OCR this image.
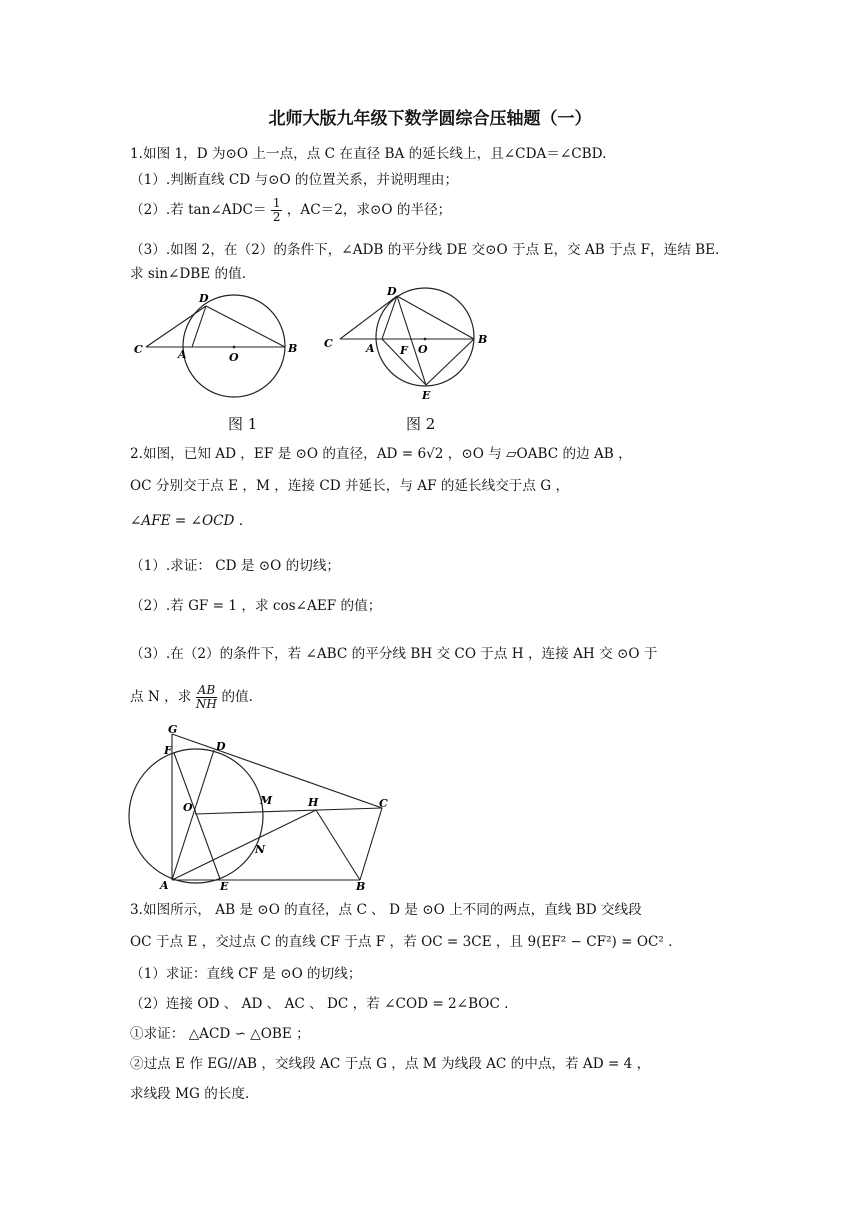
北师大版九年级下数学圆综合压轴题（一）
1.如图 1，D 为⊙O 上一点，点 C 在直径 BA 的延长线上，且∠CDA＝∠CBD.
（1）.判断直线 CD 与⊙O 的位置关系，并说明理由；
（2）.若 tan∠ADC＝ $\frac{1}{2}$ ，AC＝2，求⊙O 的半径；
（3）.如图 2，在（2）的条件下，∠ADB 的平分线 DE 交⊙O 于点 E，交 AB 于点 F，连结 BE.
求 sin∠DBE 的值.
D
C	A	O
B
D
C	A F O
B
E
图 1	图 2
2.如图，已知 AD ，EF 是 ⊙O 的直径，AD = 6√2 ，⊙O 与 ▱OABC 的边 AB ，
OC 分别交于点 E ，M ，连接 CD 并延长，与 AF 的延长线交于点 G ，
∠AFE = ∠OCD .
（1）.求证： CD 是 ⊙O 的切线；
（2）.若 GF = 1 ，求 cos∠AEF 的值；
（3）.在（2）的条件下，若 ∠ABC 的平分线 BH 交 CO 于点 H ，连接 AH 交 ⊙O 于
点 N ，求 $\frac{AB}{NH}$ 的值.
G
F	D
O
M	H	C
N
A	E	B
3.如图所示， AB 是 ⊙O 的直径，点 C 、 D 是 ⊙O 上不同的两点，直线 BD 交线段
OC 于点 E ，交过点 C 的直线 CF 于点 F ，若 OC = 3CE ，且 9(EF² − CF²) = OC² .
（1）求证：直线 CF 是 ⊙O 的切线；
（2）连接 OD 、 AD 、 AC 、 DC ，若 ∠COD = 2∠BOC .
①求证： △ACD ∽ △OBE ；
②过点 E 作 EG//AB ，交线段 AC 于点 G ，点 M 为线段 AC 的中点，若 AD = 4 ，
求线段 MG 的长度.
